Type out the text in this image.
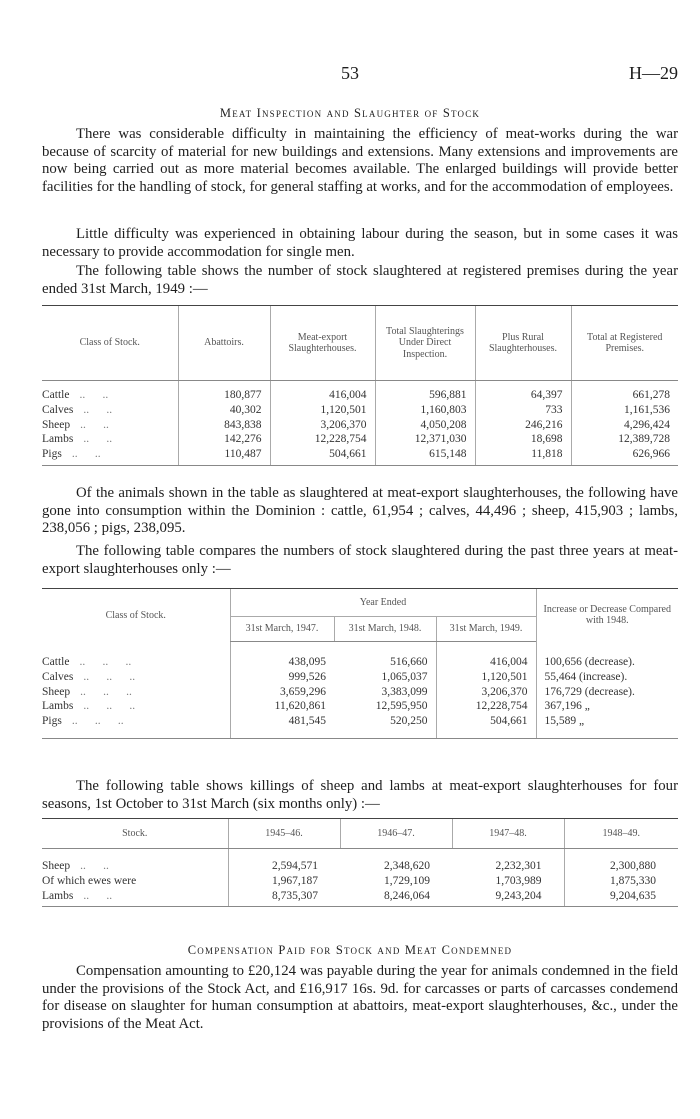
53	H—29
Meat Inspection and Slaughter of Stock

There was considerable difficulty in maintaining the efficiency of meat-works during the war because of scarcity of material for new buildings and extensions. Many extensions and improvements are now being carried out as more material becomes available. The enlarged buildings will provide better facilities for the handling of stock, for general staffing at works, and for the accommodation of employees.

Little difficulty was experienced in obtaining labour during the season, but in some cases it was necessary to provide accommodation for single men.

The following table shows the number of stock slaughtered at registered premises during the year ended 31st March, 1949 :—

Class of Stock.	Abattoirs.	Meat-export Slaughterhouses.	Total Slaughterings Under Direct Inspection.	Plus Rural Slaughterhouses.	Total at Registered Premises.
Cattle ..      ..	180,877	416,004	596,881	64,397	661,278
Calves ..      ..	40,302	1,120,501	1,160,803	733	1,161,536
Sheep ..      ..	843,838	3,206,370	4,050,208	246,216	4,296,424
Lambs ..      ..	142,276	12,228,754	12,371,030	18,698	12,389,728
Pigs ..      ..	110,487	504,661	615,148	11,818	626,966

Of the animals shown in the table as slaughtered at meat-export slaughterhouses, the following have gone into consumption within the Dominion : cattle, 61,954 ; calves, 44,496 ; sheep, 415,903 ; lambs, 238,056 ; pigs, 238,095.

The following table compares the numbers of stock slaughtered during the past three years at meat-export slaughterhouses only :—

Class of Stock.	Year Ended			Increase or Decrease Compared with 1948.
	31st March, 1947.	31st March, 1948.	31st March, 1949.	
Cattle ..      ..      ..	438,095	516,660	416,004	100,656 (decrease).
Calves ..      ..      ..	999,526	1,065,037	1,120,501	55,464 (increase).
Sheep ..      ..      ..	3,659,296	3,383,099	3,206,370	176,729 (decrease).
Lambs ..      ..      ..	11,620,861	12,595,950	12,228,754	367,196 „
Pigs ..      ..      ..	481,545	520,250	504,661	15,589 „

The following table shows killings of sheep and lambs at meat-export slaughterhouses for four seasons, 1st October to 31st March (six months only) :—

Stock.	1945–46.	1946–47.	1947–48.	1948–49.
Sheep ..      ..	2,594,571	2,348,620	2,232,301	2,300,880
Of which ewes were	1,967,187	1,729,109	1,703,989	1,875,330
Lambs ..      ..	8,735,307	8,246,064	9,243,204	9,204,635
Compensation Paid for Stock and Meat Condemned

Compensation amounting to £20,124 was payable during the year for animals condemned in the field under the provisions of the Stock Act, and £16,917 16s. 9d. for carcasses or parts of carcasses condemend for disease on slaughter for human consumption at abattoirs, meat-export slaughterhouses, &c., under the provisions of the Meat Act.
